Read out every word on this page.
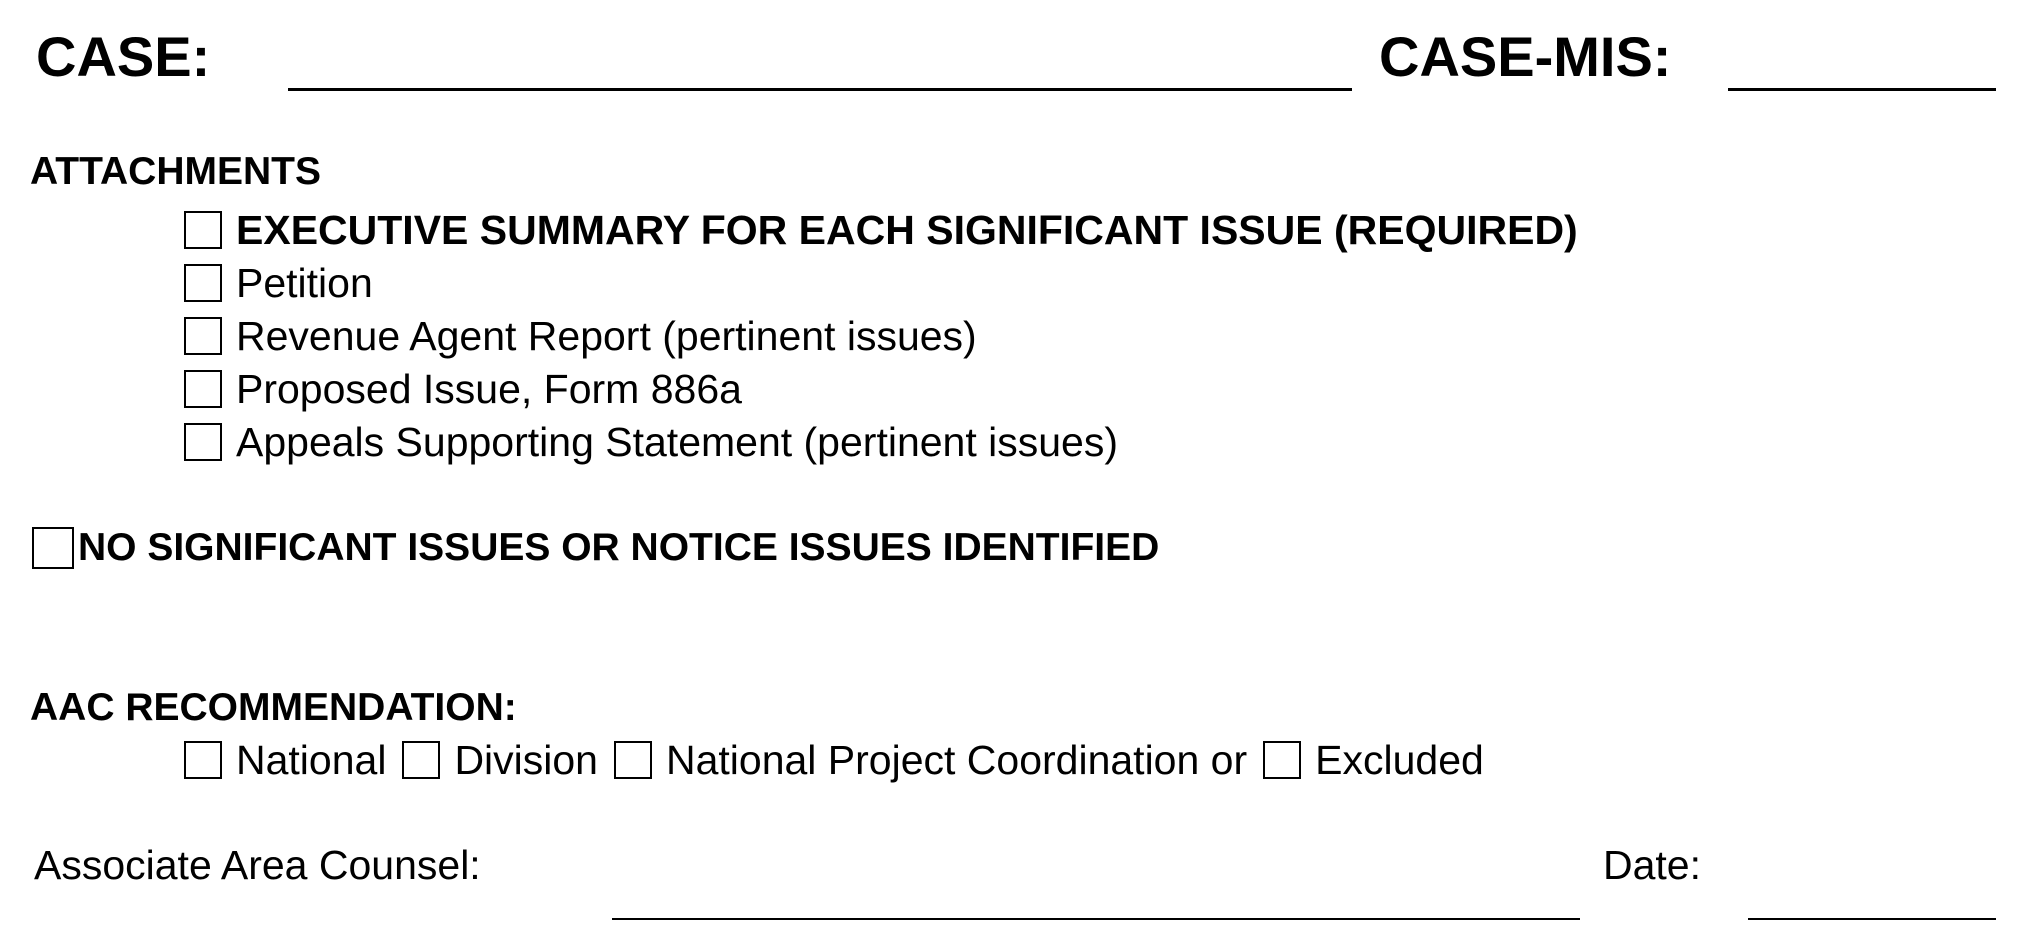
CASE:	CASE-MIS:
ATTACHMENTS
EXECUTIVE SUMMARY FOR EACH SIGNIFICANT ISSUE (REQUIRED)
Petition
Revenue Agent Report (pertinent issues)
Proposed Issue, Form 886a
Appeals Supporting Statement (pertinent issues)
NO SIGNIFICANT ISSUES OR NOTICE ISSUES IDENTIFIED
AAC RECOMMENDATION:
National Division National Project Coordination or Excluded
Associate Area Counsel:	Date:
